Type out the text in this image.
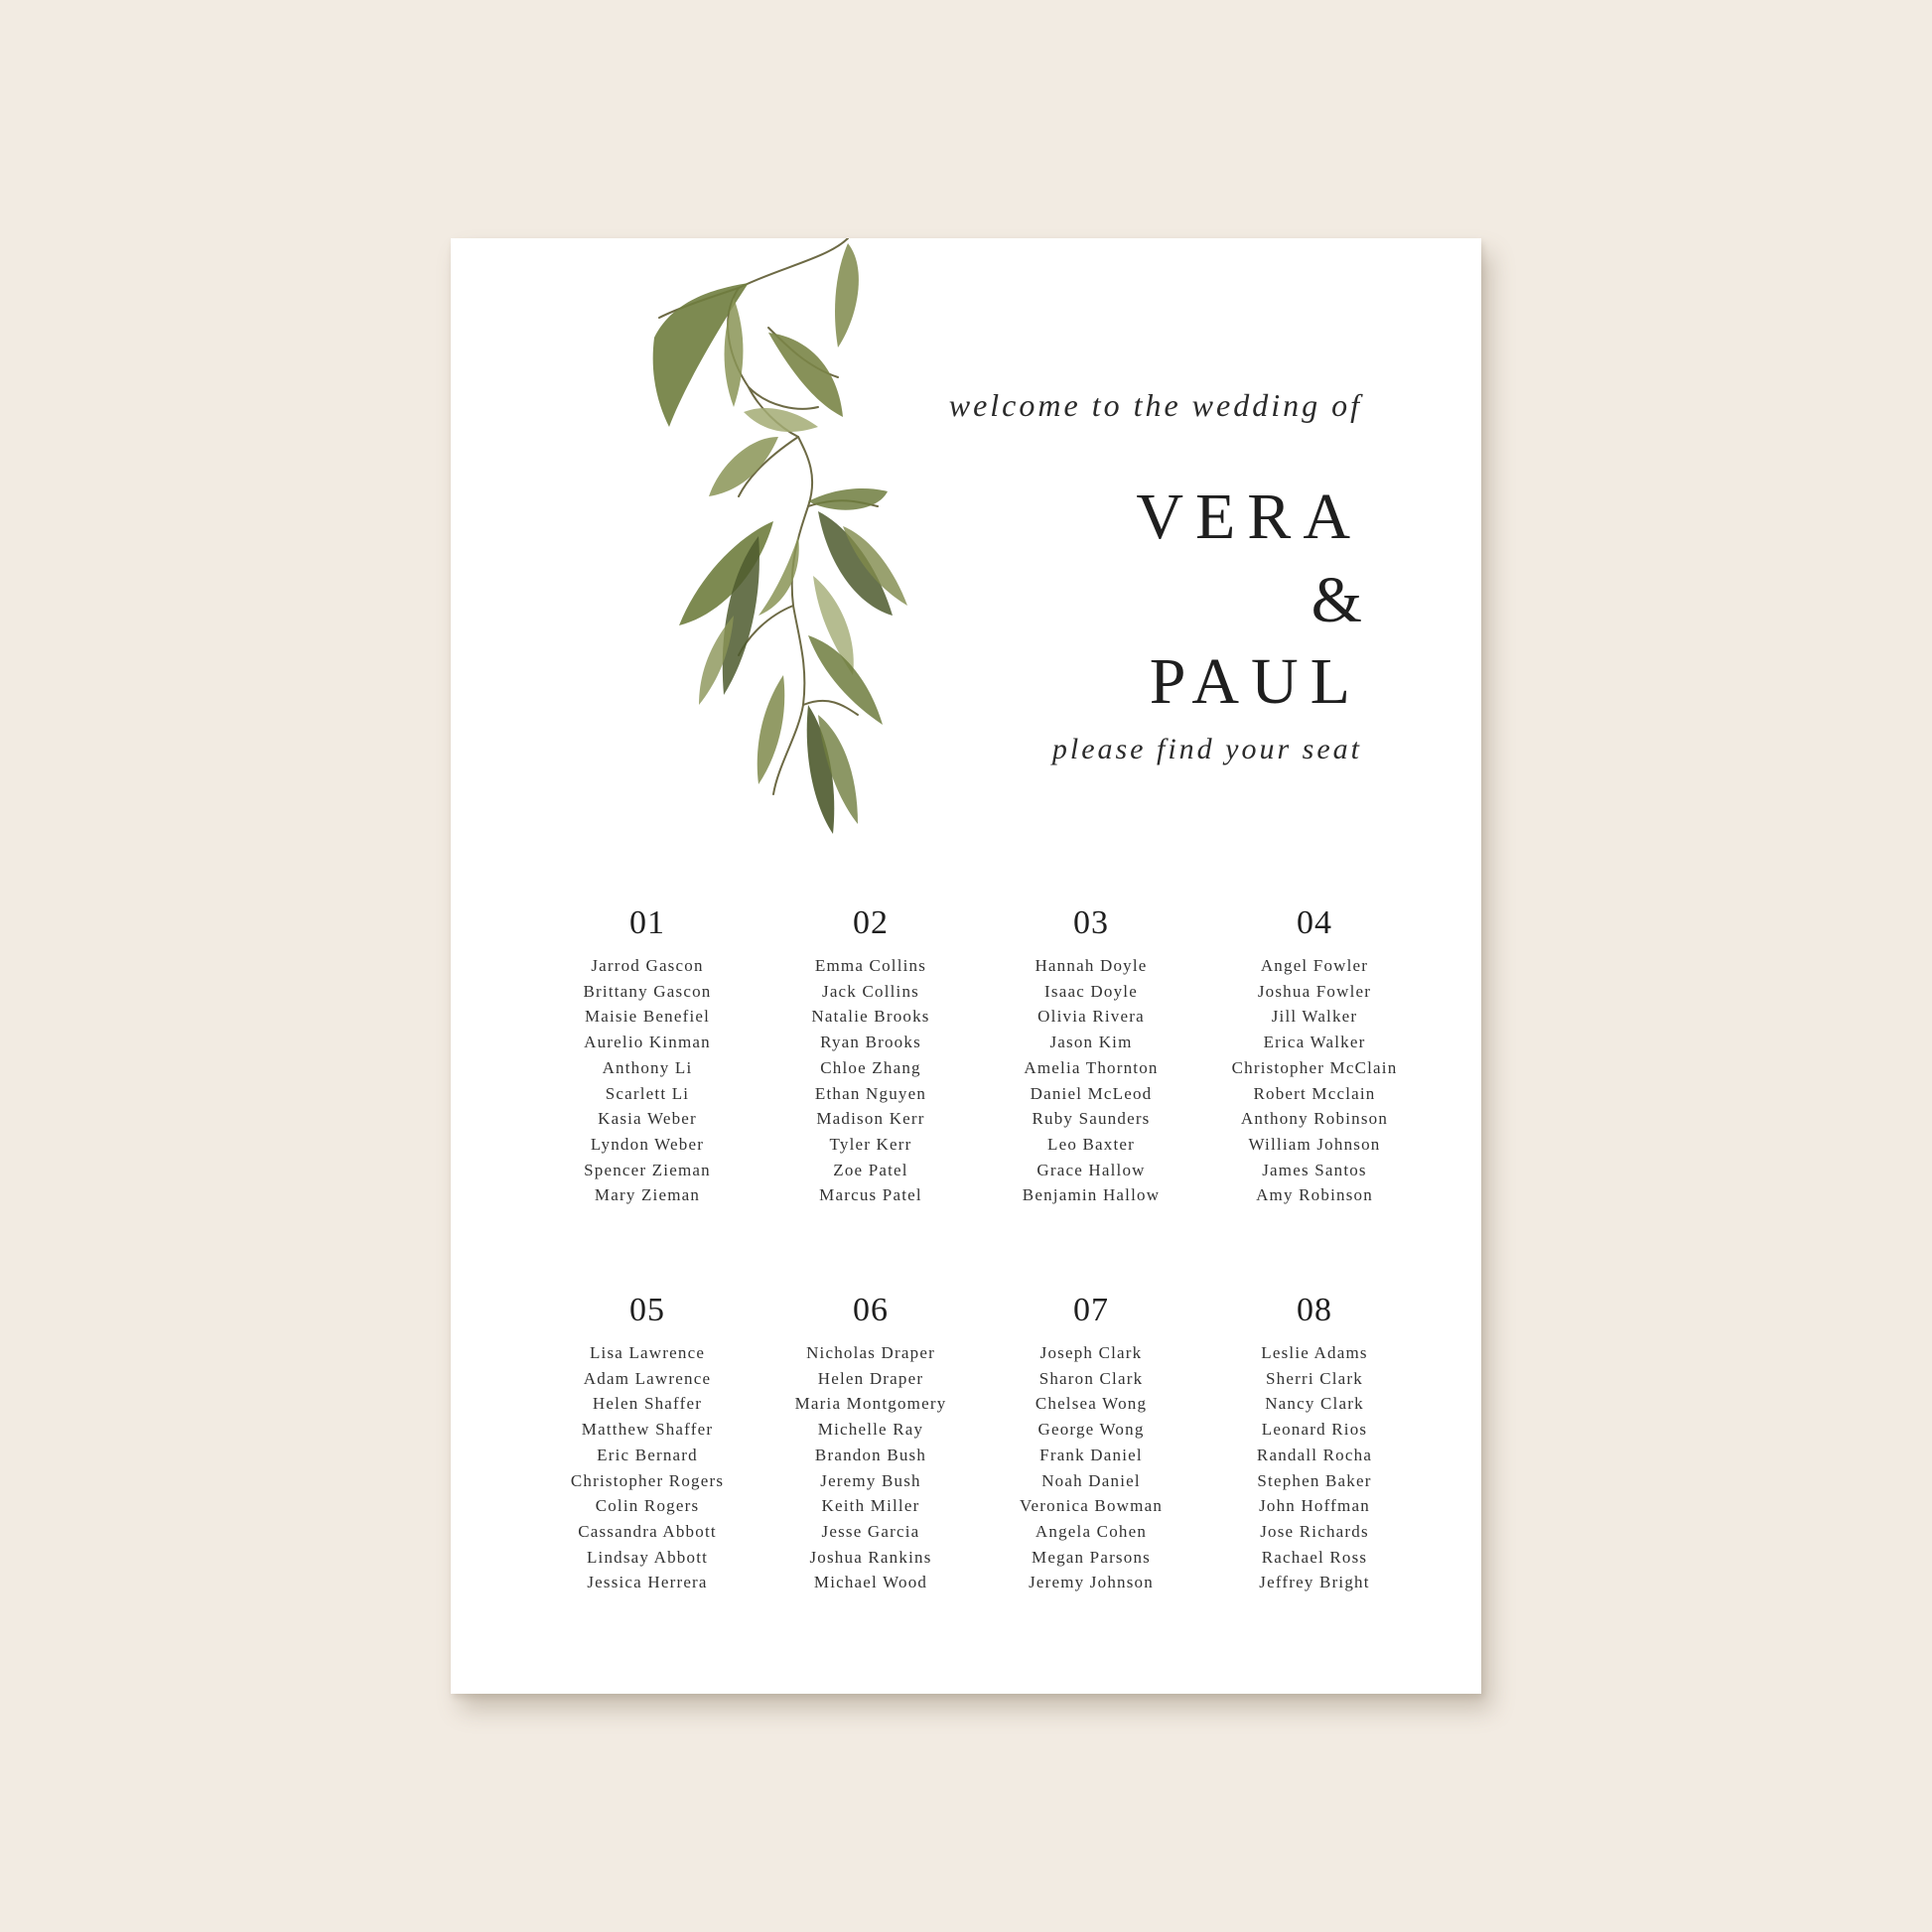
welcome to the wedding of
VERA
&
PAUL
please find your seat
01
Jarrod Gascon
Brittany Gascon
Maisie Benefiel
Aurelio Kinman
Anthony Li
Scarlett Li
Kasia Weber
Lyndon Weber
Spencer Zieman
Mary Zieman
02
Emma Collins
Jack Collins
Natalie Brooks
Ryan Brooks
Chloe Zhang
Ethan Nguyen
Madison Kerr
Tyler Kerr
Zoe Patel
Marcus Patel
03
Hannah Doyle
Isaac Doyle
Olivia Rivera
Jason Kim
Amelia Thornton
Daniel McLeod
Ruby Saunders
Leo Baxter
Grace Hallow
Benjamin Hallow
04
Angel Fowler
Joshua Fowler
Jill Walker
Erica Walker
Christopher McClain
Robert Mcclain
Anthony Robinson
William Johnson
James Santos
Amy Robinson
05
Lisa Lawrence
Adam Lawrence
Helen Shaffer
Matthew Shaffer
Eric Bernard
Christopher Rogers
Colin Rogers
Cassandra Abbott
Lindsay Abbott
Jessica Herrera
06
Nicholas Draper
Helen Draper
Maria Montgomery
Michelle Ray
Brandon Bush
Jeremy Bush
Keith Miller
Jesse Garcia
Joshua Rankins
Michael Wood
07
Joseph Clark
Sharon Clark
Chelsea Wong
George Wong
Frank Daniel
Noah Daniel
Veronica Bowman
Angela Cohen
Megan Parsons
Jeremy Johnson
08
Leslie Adams
Sherri Clark
Nancy Clark
Leonard Rios
Randall Rocha
Stephen Baker
John Hoffman
Jose Richards
Rachael Ross
Jeffrey Bright
